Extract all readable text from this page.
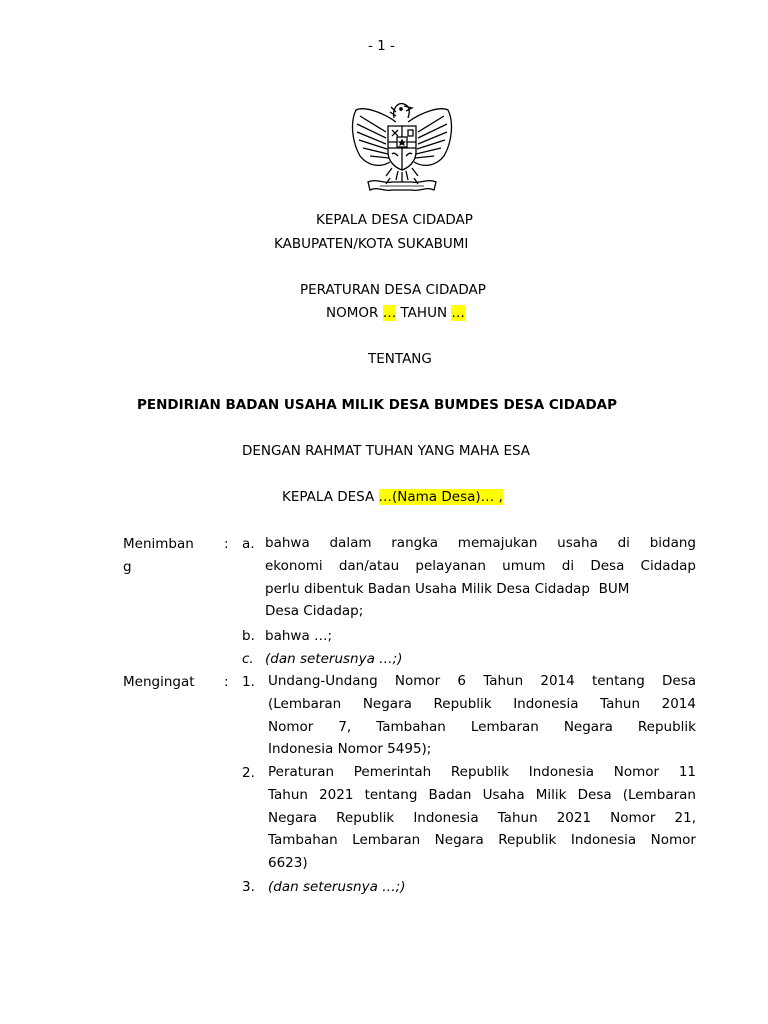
- 1 -
KEPALA DESA CIDADAP
KABUPATEN/KOTA SUKABUMI
PERATURAN DESA CIDADAP
NOMOR … TAHUN …
TENTANG
PENDIRIAN BADAN USAHA MILIK DESA BUMDES DESA CIDADAP
DENGAN RAHMAT TUHAN YANG MAHA ESA
KEPALA DESA …(Nama Desa)… ,
Menimban
g
: a. bahwa dalam rangka memajukan usaha di bidang
ekonomi dan/atau pelayanan umum di Desa Cidadap
perlu dibentuk Badan Usaha Milik Desa Cidadap  BUM
Desa Cidadap;
b. bahwa …;
c. (dan seterusnya …;)
Mengingat : 1. Undang-Undang Nomor 6 Tahun 2014 tentang Desa
(Lembaran Negara Republik Indonesia Tahun 2014
Nomor 7, Tambahan Lembaran Negara Republik
Indonesia Nomor 5495);
2. Peraturan Pemerintah Republik Indonesia Nomor 11
Tahun 2021 tentang Badan Usaha Milik Desa (Lembaran
Negara Republik Indonesia Tahun 2021 Nomor 21,
Tambahan Lembaran Negara Republik Indonesia Nomor
6623)
3. (dan seterusnya …;)
